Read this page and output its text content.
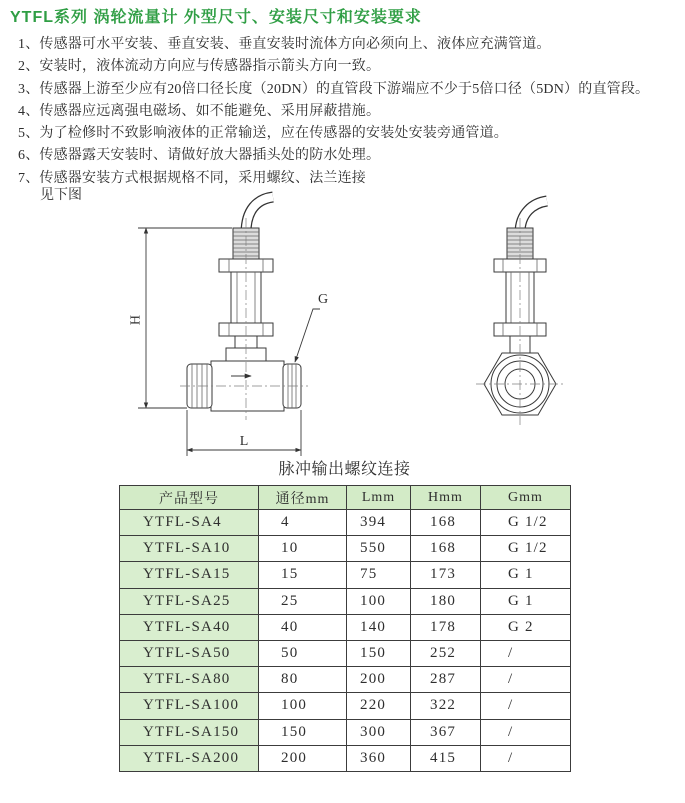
YTFL系列 涡轮流量计 外型尺寸、安装尺寸和安装要求
1、传感器可水平安装、垂直安装、垂直安装时流体方向必须向上、液体应充满管道。
2、安装时，液体流动方向应与传感器指示箭头方向一致。
3、传感器上游至少应有20倍口径长度（20DN）的直管段下游端应不少于5倍口径（5DN）的直管段。
4、传感器应远离强电磁场、如不能避免、采用屏蔽措施。
5、为了检修时不致影响液体的正常输送，应在传感器的安装处安装旁通管道。
6、传感器露天安装时、请做好放大器插头处的防水处理。
7、传感器安装方式根据规格不同，采用螺纹、法兰连接
见下图
H
L
G
脉冲输出螺纹连接
产品型号	通径mm	Lmm	Hmm	Gmm
YTFL-SA4	4	394	168	G 1/2
YTFL-SA10	10	550	168	G 1/2
YTFL-SA15	15	75	173	G 1
YTFL-SA25	25	100	180	G 1
YTFL-SA40	40	140	178	G 2
YTFL-SA50	50	150	252	/
YTFL-SA80	80	200	287	/
YTFL-SA100	100	220	322	/
YTFL-SA150	150	300	367	/
YTFL-SA200	200	360	415	/
